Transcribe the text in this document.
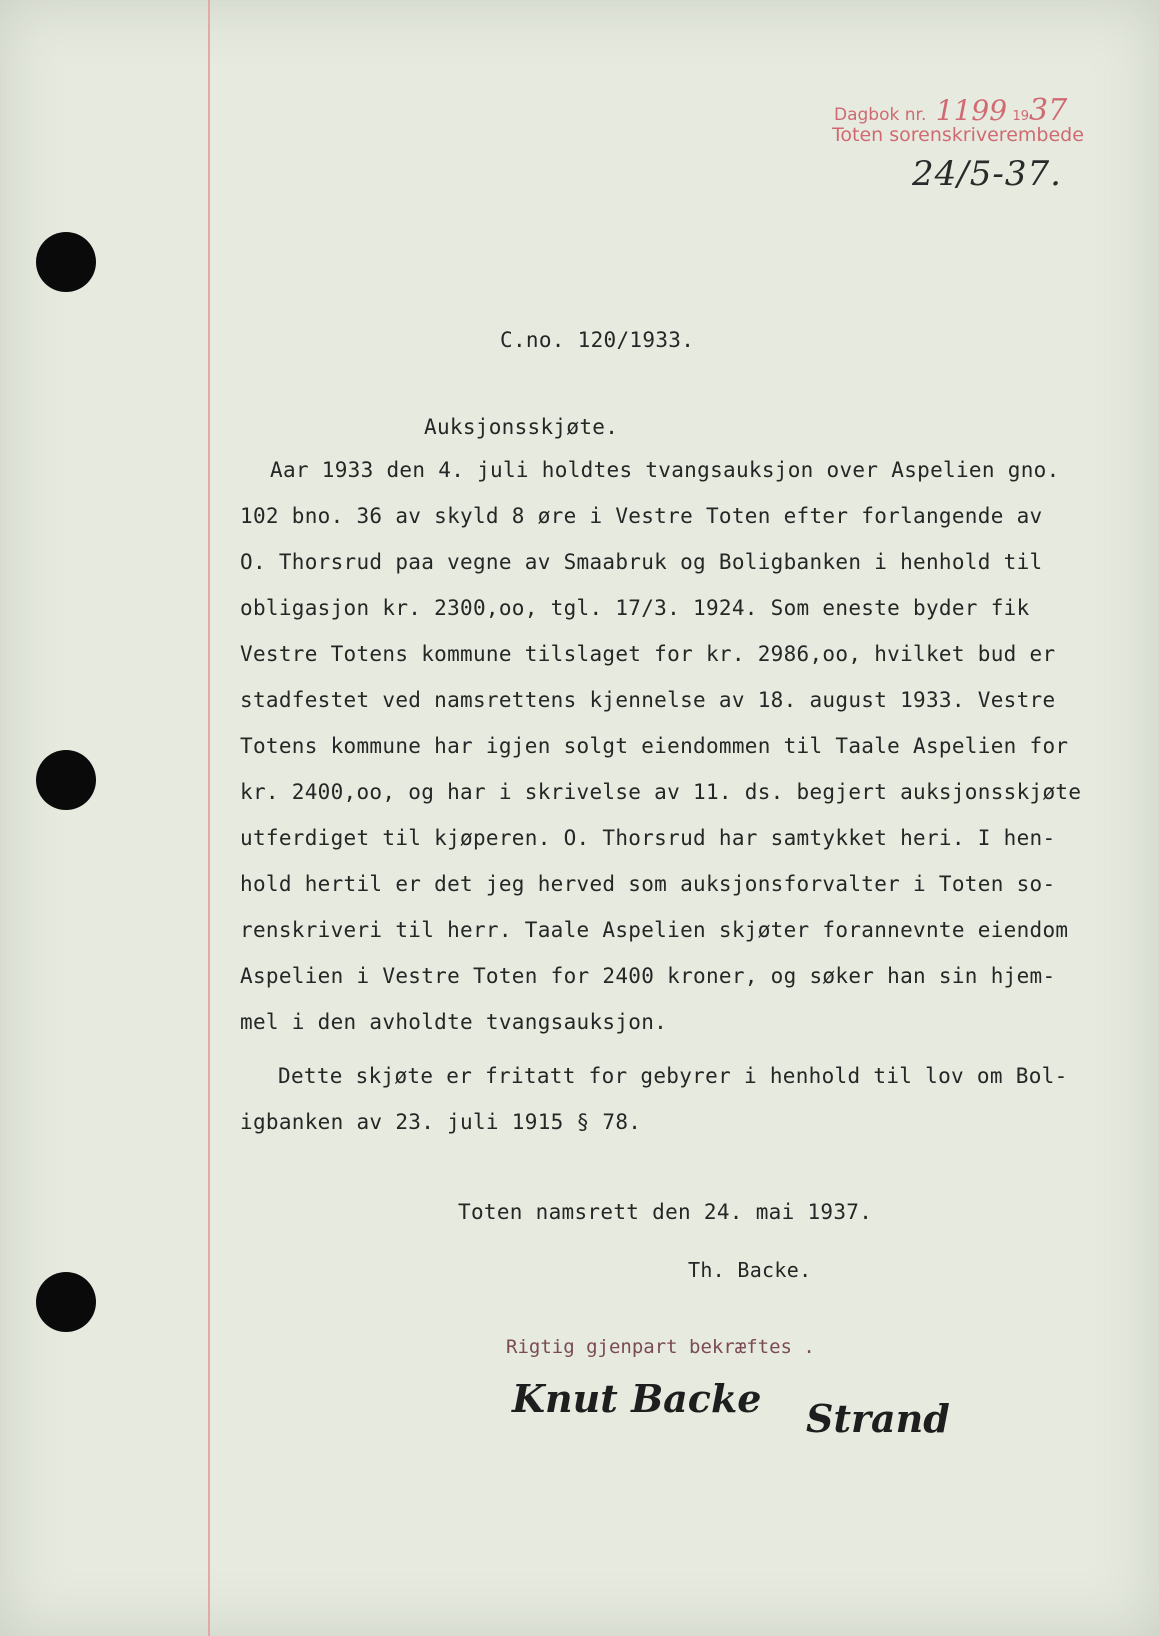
Dagbok nr. 1199 1937
Toten sorenskriverembede
24/5-37.
C.no. 120/1933.
Auksjonsskjøte.
Aar 1933 den 4. juli holdtes tvangsauksjon over Aspelien gno.
102 bno. 36 av skyld 8 øre i Vestre Toten efter forlangende av
O. Thorsrud paa vegne av Smaabruk og Boligbanken i henhold til
obligasjon kr. 2300,oo, tgl. 17/3. 1924. Som eneste byder fik
Vestre Totens kommune tilslaget for kr. 2986,oo, hvilket bud er
stadfestet ved namsrettens kjennelse av 18. august 1933. Vestre
Totens kommune har igjen solgt eiendommen til Taale Aspelien for
kr. 2400,oo, og har i skrivelse av 11. ds. begjert auksjonsskjøte
utferdiget til kjøperen. O. Thorsrud har samtykket heri. I hen-
hold hertil er det jeg herved som auksjonsforvalter i Toten so-
renskriveri til herr. Taale Aspelien skjøter forannevnte eiendom
Aspelien i Vestre Toten for 2400 kroner, og søker han sin hjem-
mel i den avholdte tvangsauksjon.
Dette skjøte er fritatt for gebyrer i henhold til lov om Bol-
igbanken av 23. juli 1915 § 78.
Toten namsrett den 24. mai 1937.
Th. Backe.
Rigtig gjenpart bekræftes .
Knut Backe Strand
